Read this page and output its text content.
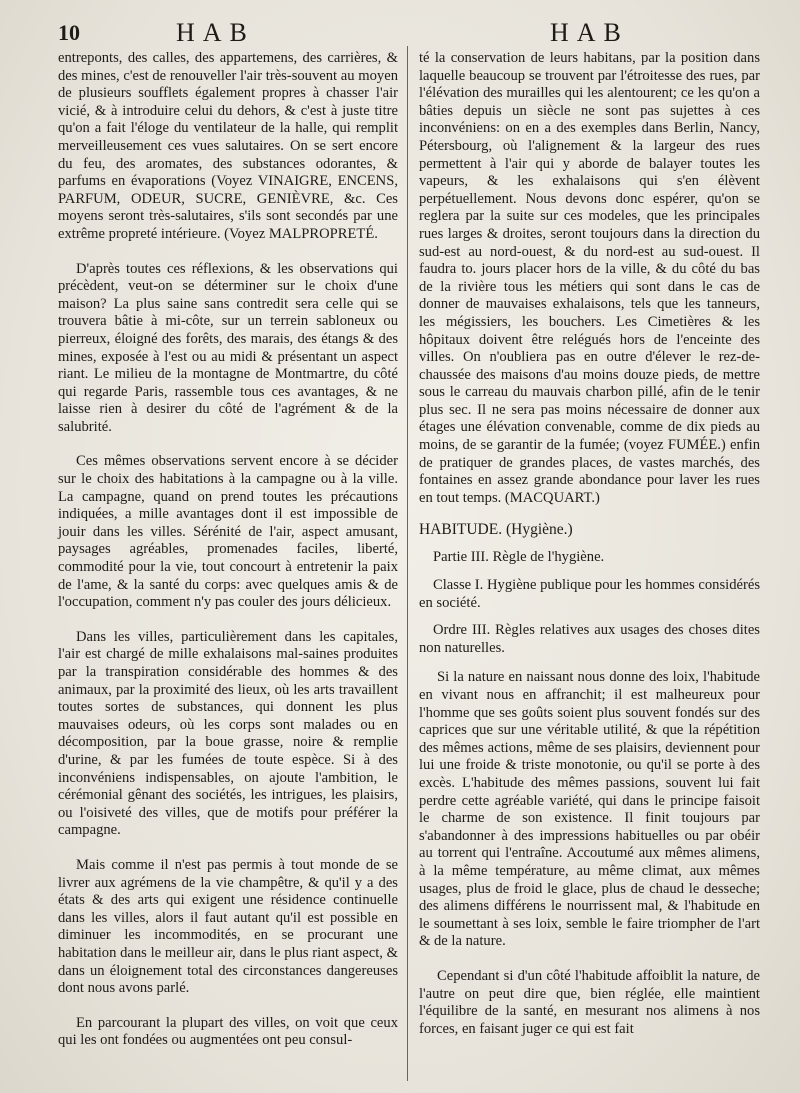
10	HAB	HAB

entreponts, des calles, des appartemens, des carrières, & des mines, c'est de renouveller l'air très-souvent au moyen de plusieurs soufflets également propres à chasser l'air vicié, & à introduire celui du dehors, & c'est à juste titre qu'on a fait l'éloge du ventilateur de la halle, qui remplit merveilleusement ces vues salutaires. On se sert encore du feu, des aromates, des substances odorantes, & parfums en évaporations (Voyez VINAIGRE, ENCENS, PARFUM, ODEUR, SUCRE, GENIÈVRE, &c. Ces moyens seront très-salutaires, s'ils sont secondés par une extrême propreté intérieure. (Voyez MALPROPRETÉ.

D'après toutes ces réflexions, & les observations qui précèdent, veut-on se déterminer sur le choix d'une maison? La plus saine sans contredit sera celle qui se trouvera bâtie à mi-côte, sur un terrein sabloneux ou pierreux, éloigné des forêts, des marais, des étangs & des mines, exposée à l'est ou au midi & présentant un aspect riant. Le milieu de la montagne de Montmartre, du côté qui regarde Paris, rassemble tous ces avantages, & ne laisse rien à desirer du côté de l'agrément & de la salubrité.

Ces mêmes observations servent encore à se décider sur le choix des habitations à la campagne ou à la ville. La campagne, quand on prend toutes les précautions indiquées, a mille avantages dont il est impossible de jouir dans les villes. Sérénité de l'air, aspect amusant, paysages agréables, promenades faciles, liberté, commodité pour la vie, tout concourt à entretenir la paix de l'ame, & la santé du corps: avec quelques amis & de l'occupation, comment n'y pas couler des jours délicieux.

Dans les villes, particulièrement dans les capitales, l'air est chargé de mille exhalaisons mal-saines produites par la transpiration considérable des hommes & des animaux, par la proximité des lieux, où les arts travaillent toutes sortes de substances, qui donnent les plus mauvaises odeurs, où les corps sont malades ou en décomposition, par la boue grasse, noire & remplie d'urine, & par les fumées de toute espèce. Si à des inconvéniens indispensables, on ajoute l'ambition, le cérémonial gênant des sociétés, les intrigues, les plaisirs, ou l'oisiveté des villes, que de motifs pour préférer la campagne.

Mais comme il n'est pas permis à tout monde de se livrer aux agrémens de la vie champêtre, & qu'il y a des états & des arts qui exigent une résidence continuelle dans les villes, alors il faut autant qu'il est possible en diminuer les incommodités, en se procurant une habitation dans le meilleur air, dans le plus riant aspect, & dans un éloignement total des circonstances dangereuses dont nous avons parlé.

En parcourant la plupart des villes, on voit que ceux qui les ont fondées ou augmentées ont peu consul-

té la conservation de leurs habitans, par la position dans laquelle beaucoup se trouvent par l'étroitesse des rues, par l'élévation des murailles qui les alentourent; ce les qu'on a bâties depuis un siècle ne sont pas sujettes à ces inconvéniens: on en a des exemples dans Berlin, Nancy, Pétersbourg, où l'alignement & la largeur des rues permettent à l'air qui y aborde de balayer toutes les vapeurs, & les exhalaisons qui s'en élèvent perpétuellement. Nous devons donc espérer, qu'on se reglera par la suite sur ces modeles, que les principales rues larges & droites, seront toujours dans la direction du sud-est au nord-ouest, & du nord-est au sud-ouest. Il faudra to. jours placer hors de la ville, & du côté du bas de la rivière tous les métiers qui sont dans le cas de donner de mauvaises exhalaisons, tels que les tanneurs, les mégissiers, les bouchers. Les Cimetières & les hôpitaux doivent être relégués hors de l'enceinte des villes. On n'oubliera pas en outre d'élever le rez-de-chaussée des maisons d'au moins douze pieds, de mettre sous le carreau du mauvais charbon pillé, afin de le tenir plus sec. Il ne sera pas moins nécessaire de donner aux étages une élévation convenable, comme de dix pieds au moins, de se garantir de la fumée; (voyez FUMÉE.) enfin de pratiquer de grandes places, de vastes marchés, des fontaines en assez grande abondance pour laver les rues en tout temps. (MACQUART.)

HABITUDE. (Hygiène.)
Partie III. Règle de l'hygiène.
Classe I. Hygiène publique pour les hommes considérés en société.
Ordre III. Règles relatives aux usages des choses dites non naturelles.

Si la nature en naissant nous donne des loix, l'habitude en vivant nous en affranchit; il est malheureux pour l'homme que ses goûts soient plus souvent fondés sur des caprices que sur une véritable utilité, & que la répétition des mêmes actions, même de ses plaisirs, deviennent pour lui une froide & triste monotonie, ou qu'il se porte à des excès. L'habitude des mêmes passions, souvent lui fait perdre cette agréable variété, qui dans le principe faisoit le charme de son existence. Il finit toujours par s'abandonner à des impressions habituelles ou par obéir au torrent qui l'entraîne. Accoutumé aux mêmes alimens, à la même température, au même climat, aux mêmes usages, plus de froid le glace, plus de chaud le desseche; des alimens différens le nourrissent mal, & l'habitude en le soumettant à ses loix, semble le faire triompher de l'art & de la nature.

Cependant si d'un côté l'habitude affoiblit la nature, de l'autre on peut dire que, bien réglée, elle maintient l'équilibre de la santé, en mesurant nos alimens à nos forces, en faisant juger ce qui est fait
